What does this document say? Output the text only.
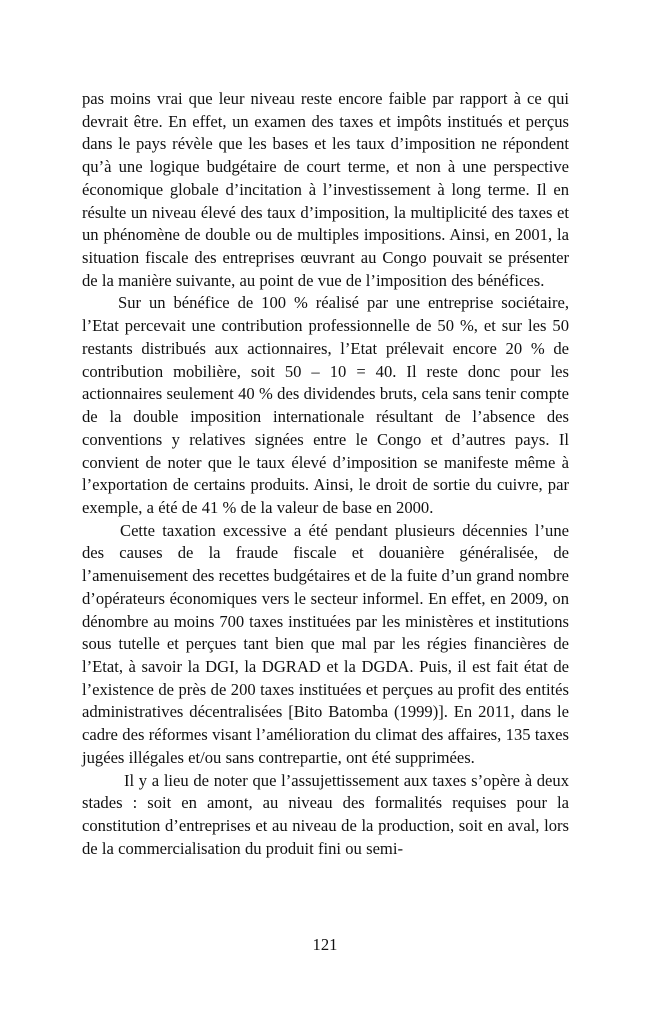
pas moins vrai que leur niveau reste encore faible par rapport à ce qui devrait être. En effet, un examen des taxes et impôts institués et perçus dans le pays révèle que les bases et les taux d’imposition ne répondent qu’à une logique budgétaire de court terme, et non à une perspective économique globale d’incitation à l’investissement à long terme. Il en résulte un niveau élevé des taux d’imposition, la multiplicité des taxes et un phénomène de double ou de multiples impositions. Ainsi, en 2001, la situation fiscale des entreprises œuvrant au Congo pouvait se présenter de la manière suivante, au point de vue de l’imposition des bénéfices.

Sur un bénéfice de 100 % réalisé par une entreprise sociétaire, l’Etat percevait une contribution professionnelle de 50 %, et sur les 50 restants distribués aux actionnaires, l’Etat prélevait encore 20 % de contribution mobilière, soit 50 – 10 = 40. Il reste donc pour les actionnaires seulement 40 % des dividendes bruts, cela sans tenir compte de la double imposition internationale résultant de l’absence des conventions y relatives signées entre le Congo et d’autres pays. Il convient de noter que le taux élevé d’imposition se manifeste même à l’exportation de certains produits. Ainsi, le droit de sortie du cuivre, par exemple, a été de 41 % de la valeur de base en 2000.

Cette taxation excessive a été pendant plusieurs décennies l’une des causes de la fraude fiscale et douanière généralisée, de l’amenuisement des recettes budgétaires et de la fuite d’un grand nombre d’opérateurs économiques vers le secteur informel. En effet, en 2009, on dénombre au moins 700 taxes instituées par les ministères et institutions sous tutelle et perçues tant bien que mal par les régies financières de l’Etat, à savoir la DGI, la DGRAD et la DGDA. Puis, il est fait état de l’existence de près de 200 taxes instituées et perçues au profit des entités administratives décentralisées [Bito Batomba (1999)]. En 2011, dans le cadre des réformes visant l’amélioration du climat des affaires, 135 taxes jugées illégales et/ou sans contrepartie, ont été supprimées.

Il y a lieu de noter que l’assujettissement aux taxes s’opère à deux stades : soit en amont, au niveau des formalités requises pour la constitution d’entreprises et au niveau de la production, soit en aval, lors de la commercialisation du produit fini ou semi-

121
